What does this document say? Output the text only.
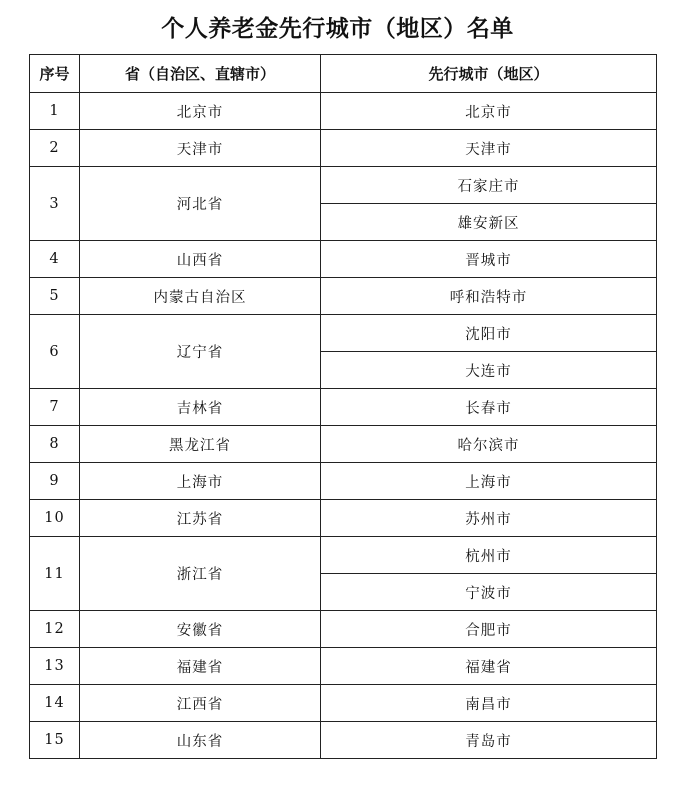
个人养老金先行城市（地区）名单
序号	省（自治区、直辖市）	先行城市（地区）
1	北京市	北京市
2	天津市	天津市
3	河北省	石家庄市
		雄安新区
4	山西省	晋城市
5	内蒙古自治区	呼和浩特市
6	辽宁省	沈阳市
		大连市
7	吉林省	长春市
8	黑龙江省	哈尔滨市
9	上海市	上海市
10	江苏省	苏州市
11	浙江省	杭州市
		宁波市
12	安徽省	合肥市
13	福建省	福建省
14	江西省	南昌市
15	山东省	青岛市
